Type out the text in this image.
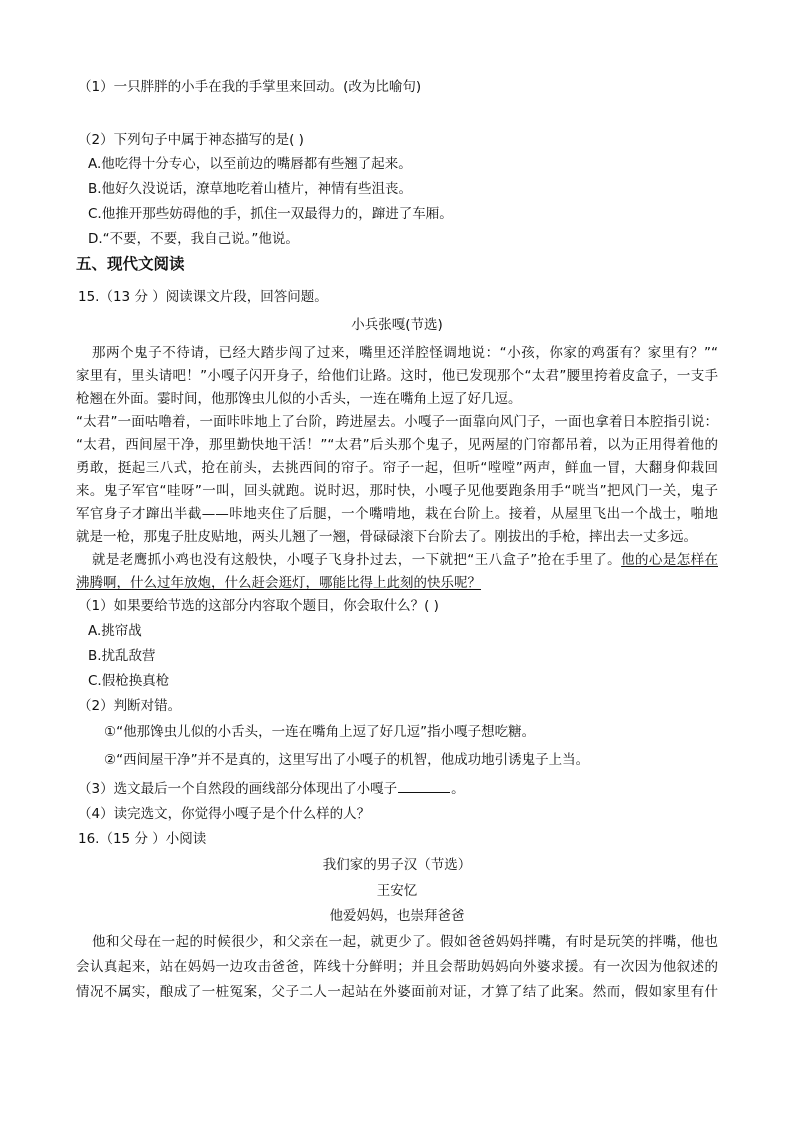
（1）一只胖胖的小手在我的手掌里来回动。(改为比喻句)
（2）下列句子中属于神态描写的是( )
A.他吃得十分专心，以至前边的嘴唇都有些翘了起来。
B.他好久没说话，潦草地吃着山楂片，神情有些沮丧。
C.他推开那些妨碍他的手，抓住一双最得力的，蹿进了车厢。
D.“不要，不要，我自己说。”他说。
五、现代文阅读
15.（13 分 ）阅读课文片段，回答问题。
小兵张嘎(节选)
那两个鬼子不待请，已经大踏步闯了过来，嘴里还洋腔怪调地说：“小孩，你家的鸡蛋有？家里有？”“
家里有，里头请吧！”小嘎子闪开身子，给他们让路。这时，他已发现那个“太君”腰里挎着皮盒子，一支手
枪翘在外面。霎时间，他那馋虫儿似的小舌头，一连在嘴角上逗了好几逗。
“太君”一面咕噜着，一面咔咔地上了台阶，跨进屋去。小嘎子一面靠向风门子，一面也拿着日本腔指引说：
“太君，西间屋干净，那里勤快地干活！”“太君”后头那个鬼子，见两屋的门帘都吊着，以为正用得着他的
勇敢，挺起三八式，抢在前头，去挑西间的帘子。帘子一起，但听“嘡嘡”两声，鲜血一冒，大翻身仰栽回
来。鬼子军官“哇呀”一叫，回头就跑。说时迟，那时快，小嘎子见他要跑条用手“咣当”把风门一关，鬼子
军官身子才蹿出半截——咔地夹住了后腿，一个嘴啃地，栽在台阶上。接着，从屋里飞出一个战士，啪地
就是一枪，那鬼子肚皮贴地，两头儿翘了一翘，骨碌碌滚下台阶去了。刚拔出的手枪，摔出去一丈多远。
就是老鹰抓小鸡也没有这般快，小嘎子飞身扑过去，一下就把“王八盒子”抢在手里了。他的心是怎样在
沸腾啊，什么过年放炮，什么赶会逛灯，哪能比得上此刻的快乐呢？
（1）如果要给节选的这部分内容取个题目，你会取什么？( )
A.挑帘战
B.扰乱敌营
C.假枪换真枪
（2）判断对错。
①“他那馋虫儿似的小舌头，一连在嘴角上逗了好几逗”指小嘎子想吃糖。
②“西间屋干净”并不是真的，这里写出了小嘎子的机智，他成功地引诱鬼子上当。
（3）选文最后一个自然段的画线部分体现出了小嘎子	。
（4）读完选文，你觉得小嘎子是个什么样的人？
16.（15 分 ）小阅读
我们家的男子汉（节选）
王安忆
他爱妈妈，也崇拜爸爸
他和父母在一起的时候很少，和父亲在一起，就更少了。假如爸爸妈妈拌嘴，有时是玩笑的拌嘴，他也
会认真起来，站在妈妈一边攻击爸爸，阵线十分鲜明；并且会帮助妈妈向外婆求援。有一次因为他叙述的
情况不属实，酿成了一桩冤案，父子二人一起站在外婆面前对证，才算了结了此案。然而，假如家里有什
